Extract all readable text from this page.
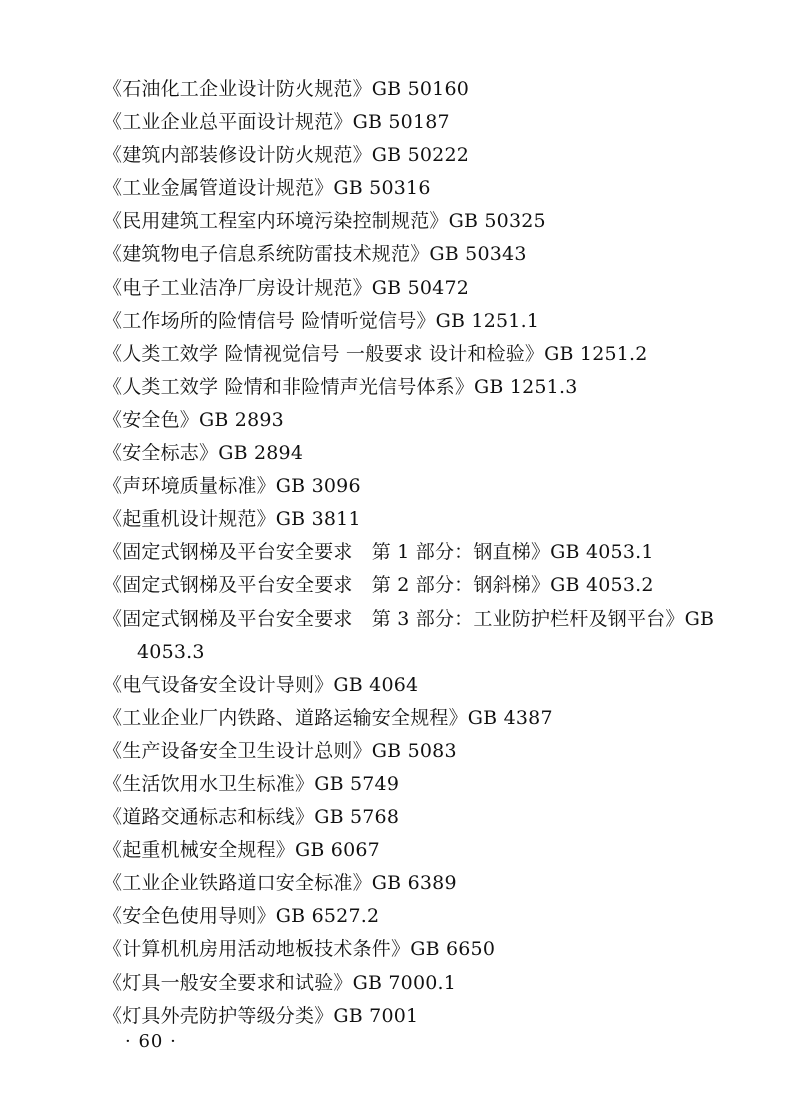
《石油化工企业设计防火规范》GB 50160
《工业企业总平面设计规范》GB 50187
《建筑内部装修设计防火规范》GB 50222
《工业金属管道设计规范》GB 50316
《民用建筑工程室内环境污染控制规范》GB 50325
《建筑物电子信息系统防雷技术规范》GB 50343
《电子工业洁净厂房设计规范》GB 50472
《工作场所的险情信号 险情听觉信号》GB 1251.1
《人类工效学 险情视觉信号 一般要求 设计和检验》GB 1251.2
《人类工效学 险情和非险情声光信号体系》GB 1251.3
《安全色》GB 2893
《安全标志》GB 2894
《声环境质量标准》GB 3096
《起重机设计规范》GB 3811
《固定式钢梯及平台安全要求　第 1 部分：钢直梯》GB 4053.1
《固定式钢梯及平台安全要求　第 2 部分：钢斜梯》GB 4053.2
《固定式钢梯及平台安全要求　第 3 部分：工业防护栏杆及钢平台》GB 4053.3
《电气设备安全设计导则》GB 4064
《工业企业厂内铁路、道路运输安全规程》GB 4387
《生产设备安全卫生设计总则》GB 5083
《生活饮用水卫生标准》GB 5749
《道路交通标志和标线》GB 5768
《起重机械安全规程》GB 6067
《工业企业铁路道口安全标准》GB 6389
《安全色使用导则》GB 6527.2
《计算机机房用活动地板技术条件》GB 6650
《灯具一般安全要求和试验》GB 7000.1
《灯具外壳防护等级分类》GB 7001
· 60 ·
